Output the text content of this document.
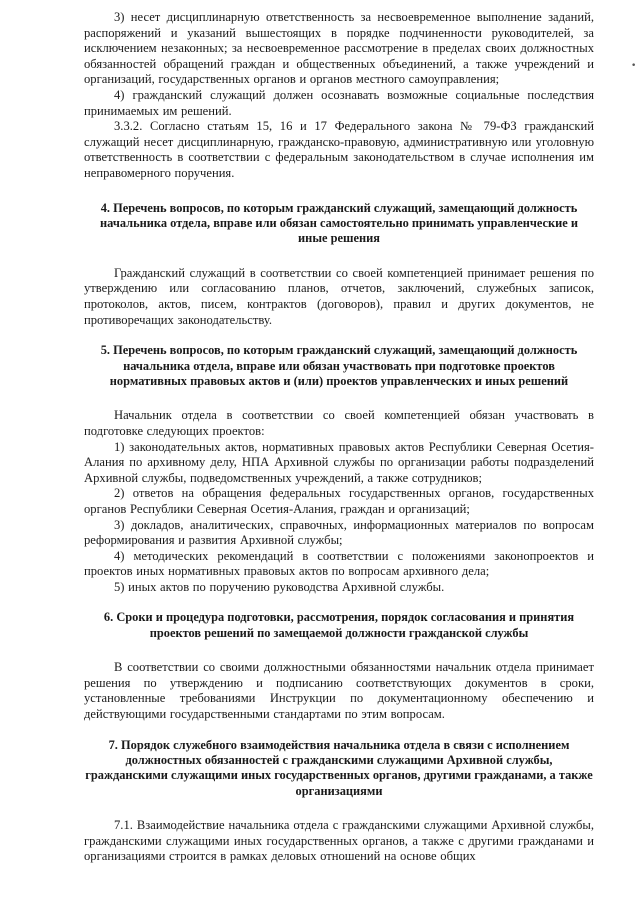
3) несет дисциплинарную ответственность за несвоевременное выполнение заданий, распоряжений и указаний вышестоящих в порядке подчиненности руководителей, за исключением незаконных; за несвоевременное рассмотрение в пределах своих должностных обязанностей обращений граждан и общественных объединений, а также учреждений и организаций, государственных органов и органов местного самоуправления;

4) гражданский служащий должен осознавать возможные социальные последствия принимаемых им решений.

3.3.2. Согласно статьям 15, 16 и 17 Федерального закона № 79-ФЗ гражданский служащий несет дисциплинарную, гражданско-правовую, административную или уголовную ответственность в соответствии с федеральным законодательством в случае исполнения им неправомерного поручения.

4. Перечень вопросов, по которым гражданский служащий, замещающий должность начальника отдела, вправе или обязан самостоятельно принимать управленческие и иные решения

Гражданский служащий в соответствии со своей компетенцией принимает решения по утверждению или согласованию планов, отчетов, заключений, служебных записок, протоколов, актов, писем, контрактов (договоров), правил и других документов, не противоречащих законодательству.

5. Перечень вопросов, по которым гражданский служащий, замещающий должность начальника отдела, вправе или обязан участвовать при подготовке проектов нормативных правовых актов и (или) проектов управленческих и иных решений

Начальник отдела в соответствии со своей компетенцией обязан участвовать в подготовке следующих проектов:

1) законодательных актов, нормативных правовых актов Республики Северная Осетия-Алания по архивному делу, НПА Архивной службы по организации работы подразделений Архивной службы, подведомственных учреждений, а также сотрудников;

2) ответов на обращения федеральных государственных органов, государственных органов Республики Северная Осетия-Алания, граждан и организаций;

3) докладов, аналитических, справочных, информационных материалов по вопросам реформирования и развития Архивной службы;

4) методических рекомендаций в соответствии с положениями законопроектов и проектов иных нормативных правовых актов по вопросам архивного дела;

5) иных актов по поручению руководства Архивной службы.

6. Сроки и процедура подготовки, рассмотрения, порядок согласования и принятия проектов решений по замещаемой должности гражданской службы

В соответствии со своими должностными обязанностями начальник отдела принимает решения по утверждению и подписанию соответствующих документов в сроки, установленные требованиями Инструкции по документационному обеспечению и действующими государственными стандартами по этим вопросам.

7. Порядок служебного взаимодействия начальника отдела в связи с исполнением должностных обязанностей с гражданскими служащими Архивной службы, гражданскими служащими иных государственных органов, другими гражданами, а также организациями

7.1. Взаимодействие начальника отдела с гражданскими служащими Архивной службы, гражданскими служащими иных государственных органов, а также с другими гражданами и организациями строится в рамках деловых отношений на основе общих

•
